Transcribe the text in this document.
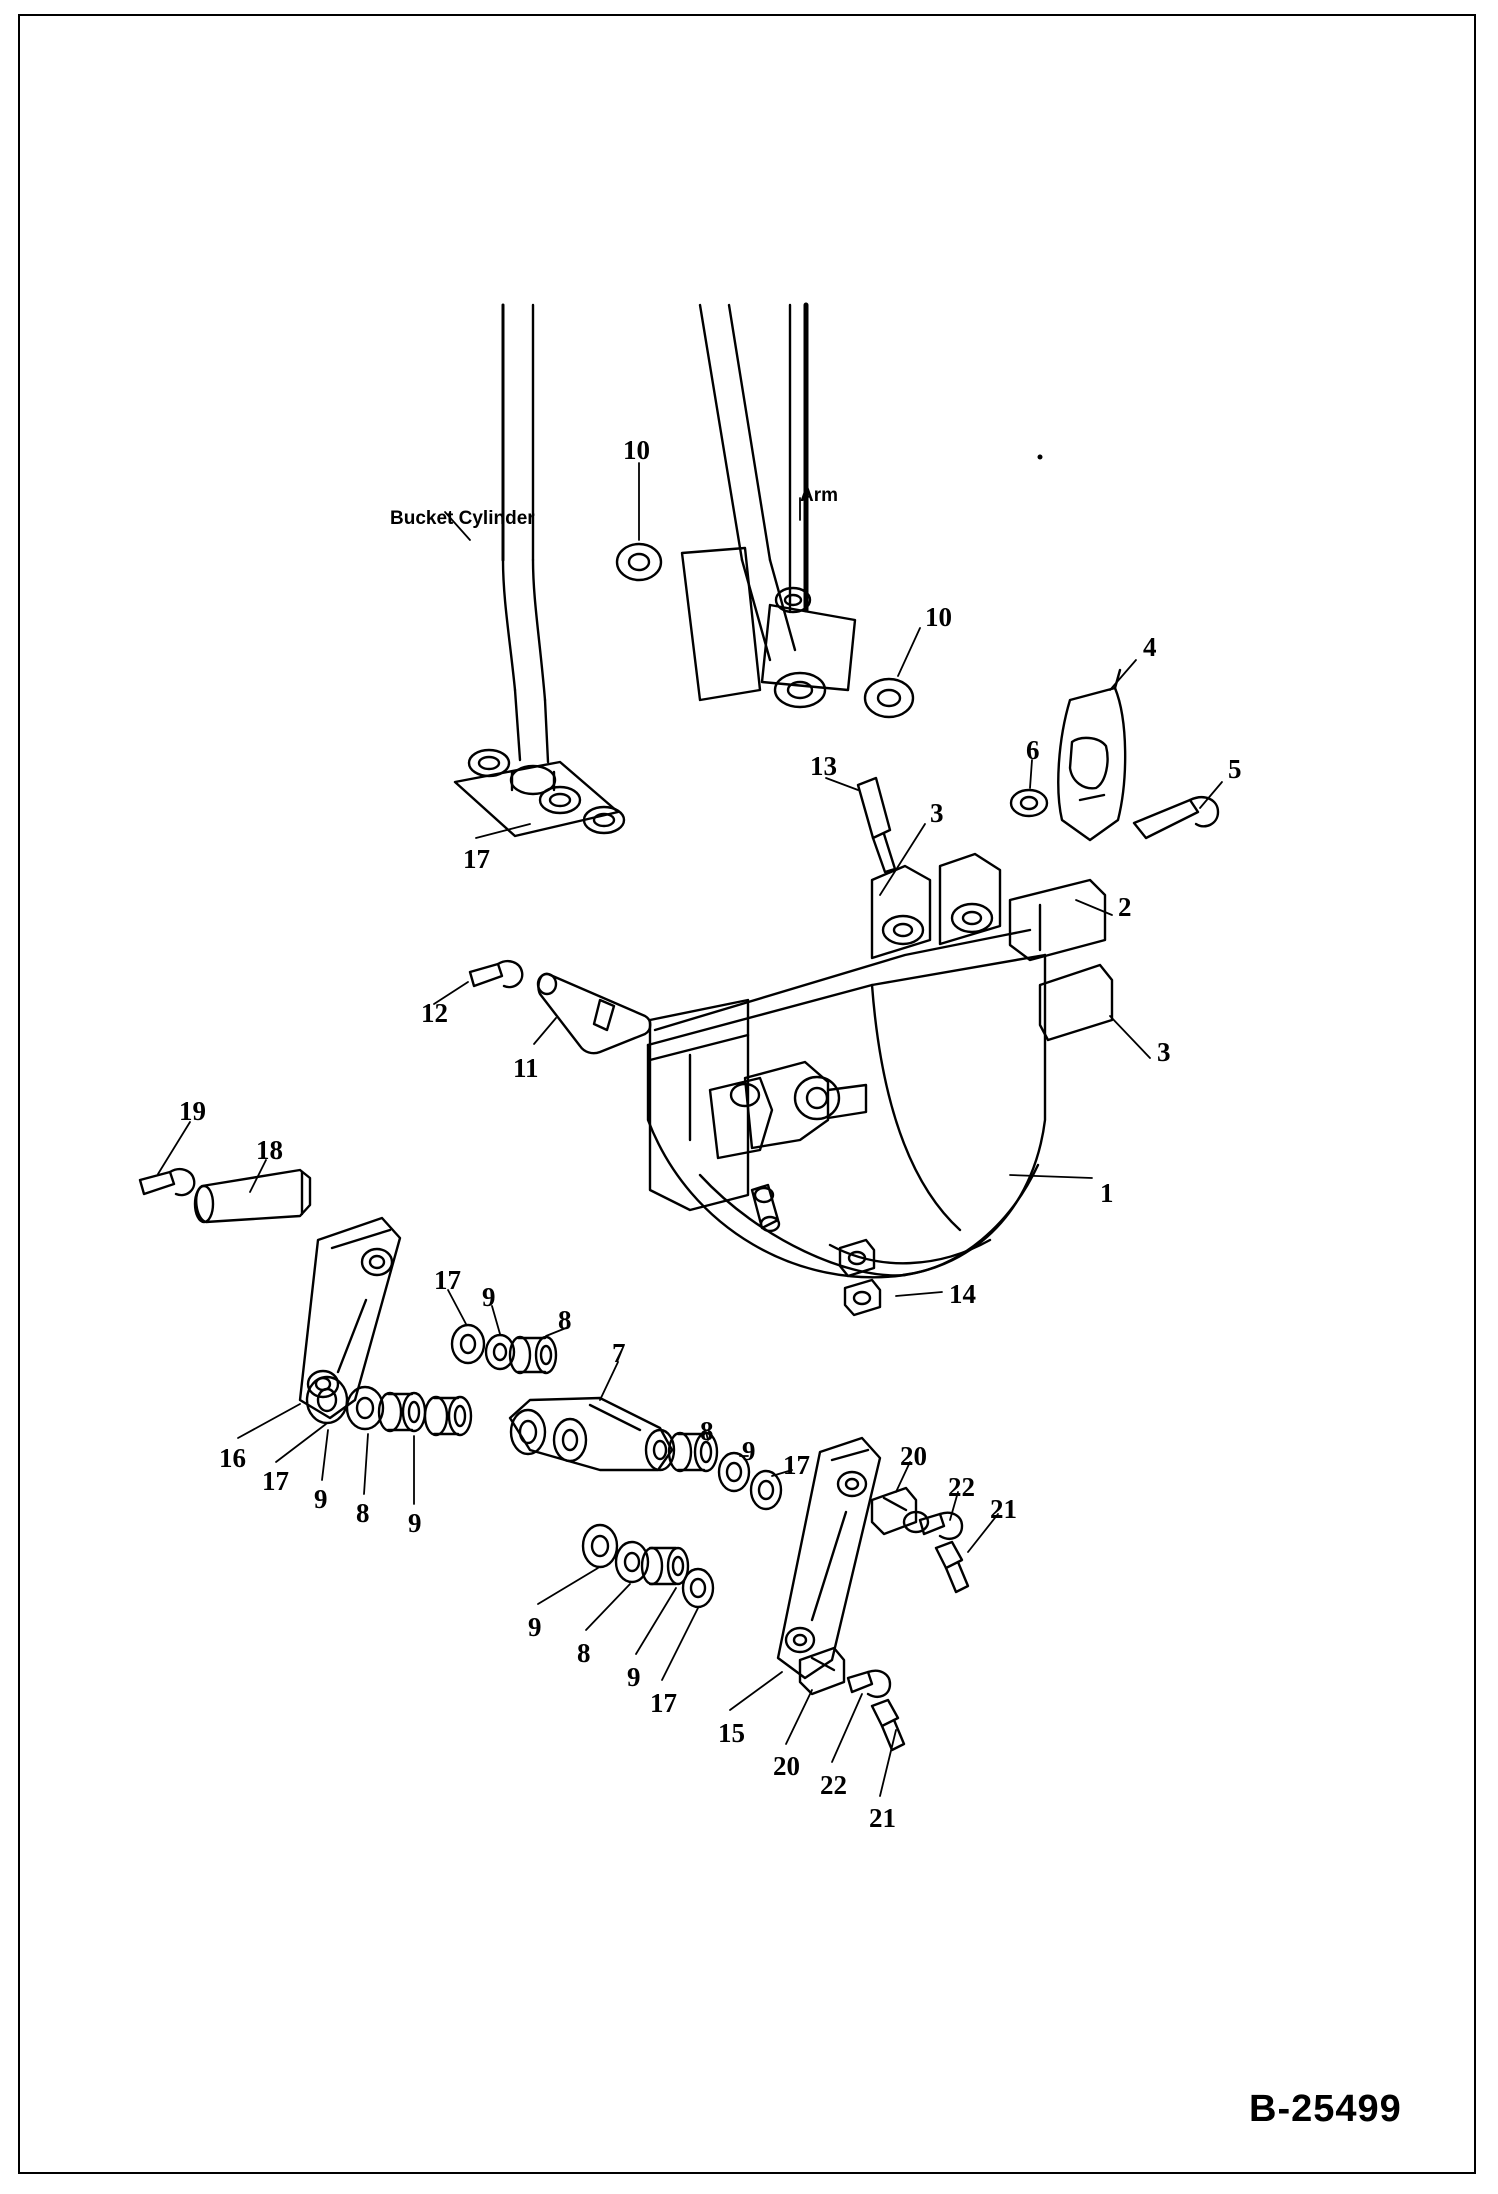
Bucket Cylinder
Arm
10
10
4
6
5
13
3
2
3
17
12
11
1
14
19
18
16
17
9 8 9
17
9
8
7
8
9 17
9
8
9
17
20
22
21
15
20
22
21
B-25499
